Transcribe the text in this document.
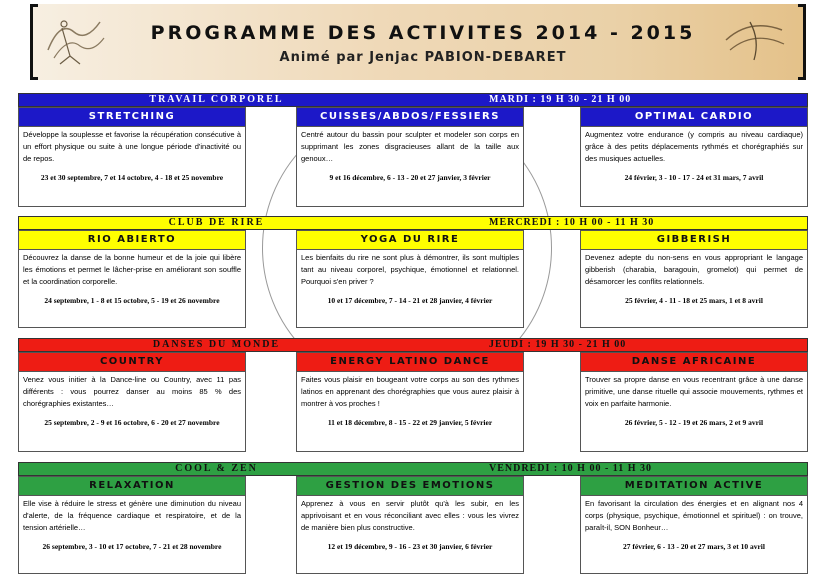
PROGRAMME DES ACTIVITES 2014 - 2015
Animé par Jenjac PABION-DEBARET
TRAVAIL CORPOREL	MARDI : 19 H 30 - 21 H 00
STRETCHING
Développe la souplesse et favorise la récupération consécutive à un effort physique ou suite à une longue période d'inactivité ou de repos.
23 et 30 septembre, 7 et 14 octobre, 4 - 18 et 25 novembre
CUISSES/ABDOS/FESSIERS
Centré autour du bassin pour sculpter et modeler son corps en supprimant les zones disgracieuses allant de la taille aux genoux…
9 et 16 décembre, 6 - 13 - 20 et 27 janvier, 3 février
OPTIMAL CARDIO
Augmentez votre endurance (y compris au niveau cardiaque) grâce à des petits déplacements rythmés et chorégraphiés sur des musiques actuelles.
24 février, 3 - 10 - 17 - 24 et 31 mars, 7 avril
CLUB DE RIRE	MERCREDI : 10 H 00 - 11 H 30
RIO ABIERTO
Découvrez la danse de la bonne humeur et de la joie qui libère les émotions et permet le lâcher-prise en améliorant son souffle et la coordination corporelle.
24 septembre, 1 - 8 et 15 octobre, 5 - 19 et 26 novembre
YOGA DU RIRE
Les bienfaits du rire ne sont plus à démontrer, ils sont multiples tant au niveau corporel, psychique, émotionnel et relationnel. Pourquoi s'en priver ?
10 et 17 décembre, 7 - 14 - 21 et 28 janvier, 4 février
GIBBERISH
Devenez adepte du non-sens en vous appropriant le langage gibberish (charabia, baragouin, gromelot) qui permet de désamorcer les conflits relationnels.
25 février, 4 - 11 - 18 et 25 mars, 1 et 8 avril
DANSES DU MONDE	JEUDI : 19 H 30 - 21 H 00
COUNTRY
Venez vous initier à la Dance-line ou Country, avec 11 pas différents : vous pourrez danser au moins 85 % des chorégraphies existantes…
25 septembre, 2 - 9 et 16 octobre, 6 - 20 et 27 novembre
ENERGY LATINO DANCE
Faites vous plaisir en bougeant votre corps au son des rythmes latinos en apprenant des chorégraphies que vous aurez plaisir à montrer à vos proches !
11 et 18 décembre, 8 - 15 - 22 et 29 janvier, 5 février
DANSE AFRICAINE
Trouver sa propre danse en vous recentrant grâce à une danse primitive, une danse rituelle qui associe mouvements, rythmes et voix en parfaite harmonie.
26 février, 5 - 12 - 19 et 26 mars, 2 et 9 avril
COOL & ZEN	VENDREDI : 10 H 00 - 11 H 30
RELAXATION
Elle vise à réduire le stress et génère une diminution du niveau d'alerte, de la fréquence cardiaque et respiratoire, et de la tension artérielle…
26 septembre, 3 - 10 et 17 octobre, 7 - 21 et 28 novembre
GESTION DES EMOTIONS
Apprenez à vous en servir plutôt qu'à les subir, en les apprivoisant et en vous réconciliant avec elles : vous les vivrez de manière bien plus constructive.
12 et 19 décembre, 9 - 16 - 23 et 30 janvier, 6 février
MEDITATION ACTIVE
En favorisant la circulation des énergies et en alignant nos 4 corps (physique, psychique, émotionnel et spirituel) : on trouve, paraît-il, SON Bonheur…
27 février, 6 - 13 - 20 et 27 mars, 3 et 10 avril
